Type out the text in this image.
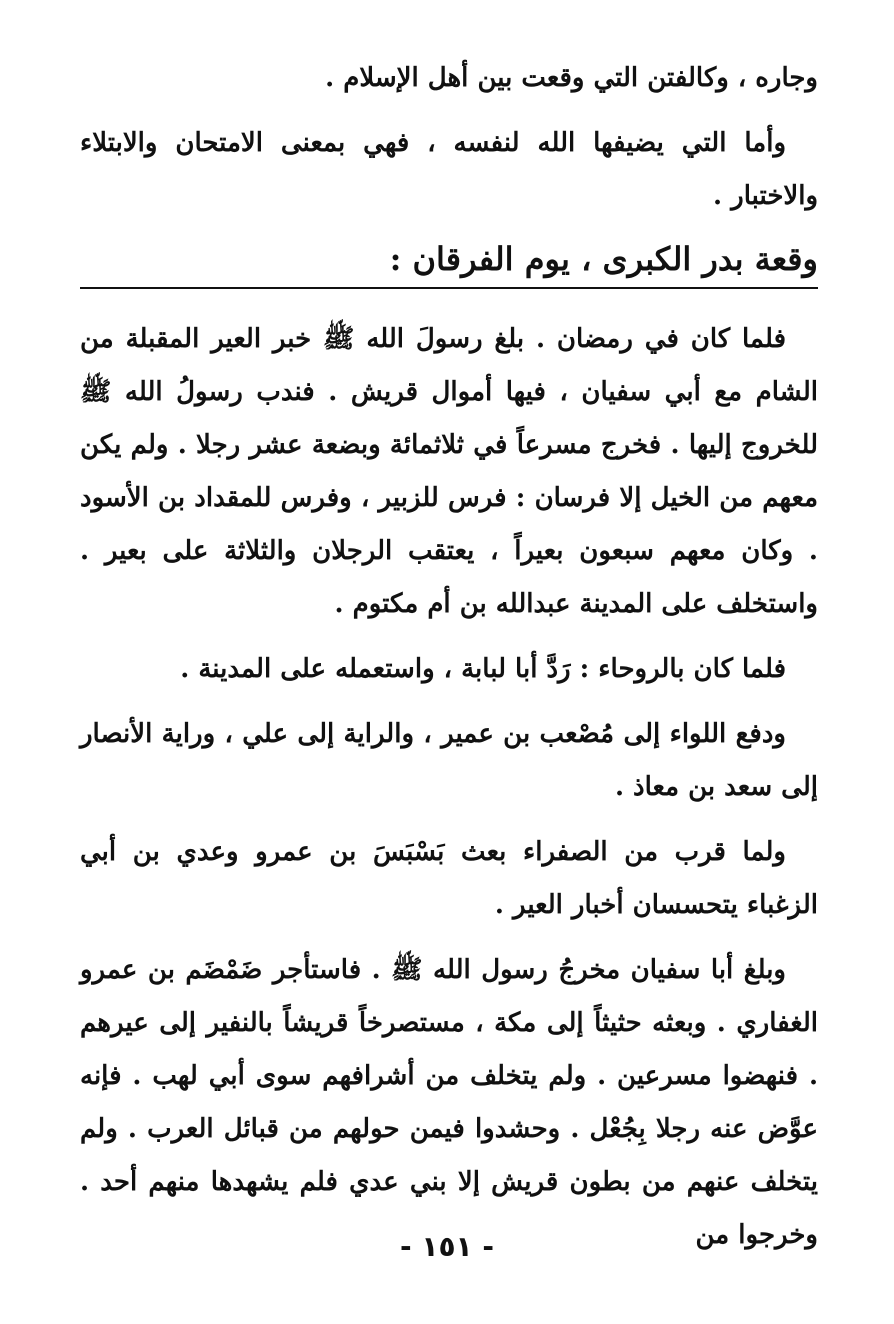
وجاره ، وكالفتن التي وقعت بين أهل الإسلام .

وأما التي يضيفها الله لنفسه ، فهي بمعنى الامتحان والابتلاء والاختبار .

وقعة بدر الكبرى ، يوم الفرقان :

فلما كان في رمضان . بلغ رسولَ الله ﷺ خبر العير المقبلة من الشام مع أبي سفيان ، فيها أموال قريش . فندب رسولُ الله ﷺ للخروج إليها . فخرج مسرعاً في ثلاثمائة وبضعة عشر رجلا . ولم يكن معهم من الخيل إلا فرسان : فرس للزبير ، وفرس للمقداد بن الأسود . وكان معهم سبعون بعيراً ، يعتقب الرجلان والثلاثة على بعير . واستخلف على المدينة عبدالله بن أم مكتوم .

فلما كان بالروحاء : رَدَّ أبا لبابة ، واستعمله على المدينة .

ودفع اللواء إلى مُصْعب بن عمير ، والراية إلى علي ، وراية الأنصار إلى سعد بن معاذ .

ولما قرب من الصفراء بعث بَسْبَسَ بن عمرو وعدي بن أبي الزغباء يتحسسان أخبار العير .

وبلغ أبا سفيان مخرجُ رسول الله ﷺ . فاستأجر ضَمْضَم بن عمرو الغفاري . وبعثه حثيثاً إلى مكة ، مستصرخاً قريشاً بالنفير إلى عيرهم . فنهضوا مسرعين . ولم يتخلف من أشرافهم سوى أبي لهب . فإنه عوَّض عنه رجلا بِجُعْل . وحشدوا فيمن حولهم من قبائل العرب . ولم يتخلف عنهم من بطون قريش إلا بني عدي فلم يشهدها منهم أحد . وخرجوا من

- ١٥١ -
